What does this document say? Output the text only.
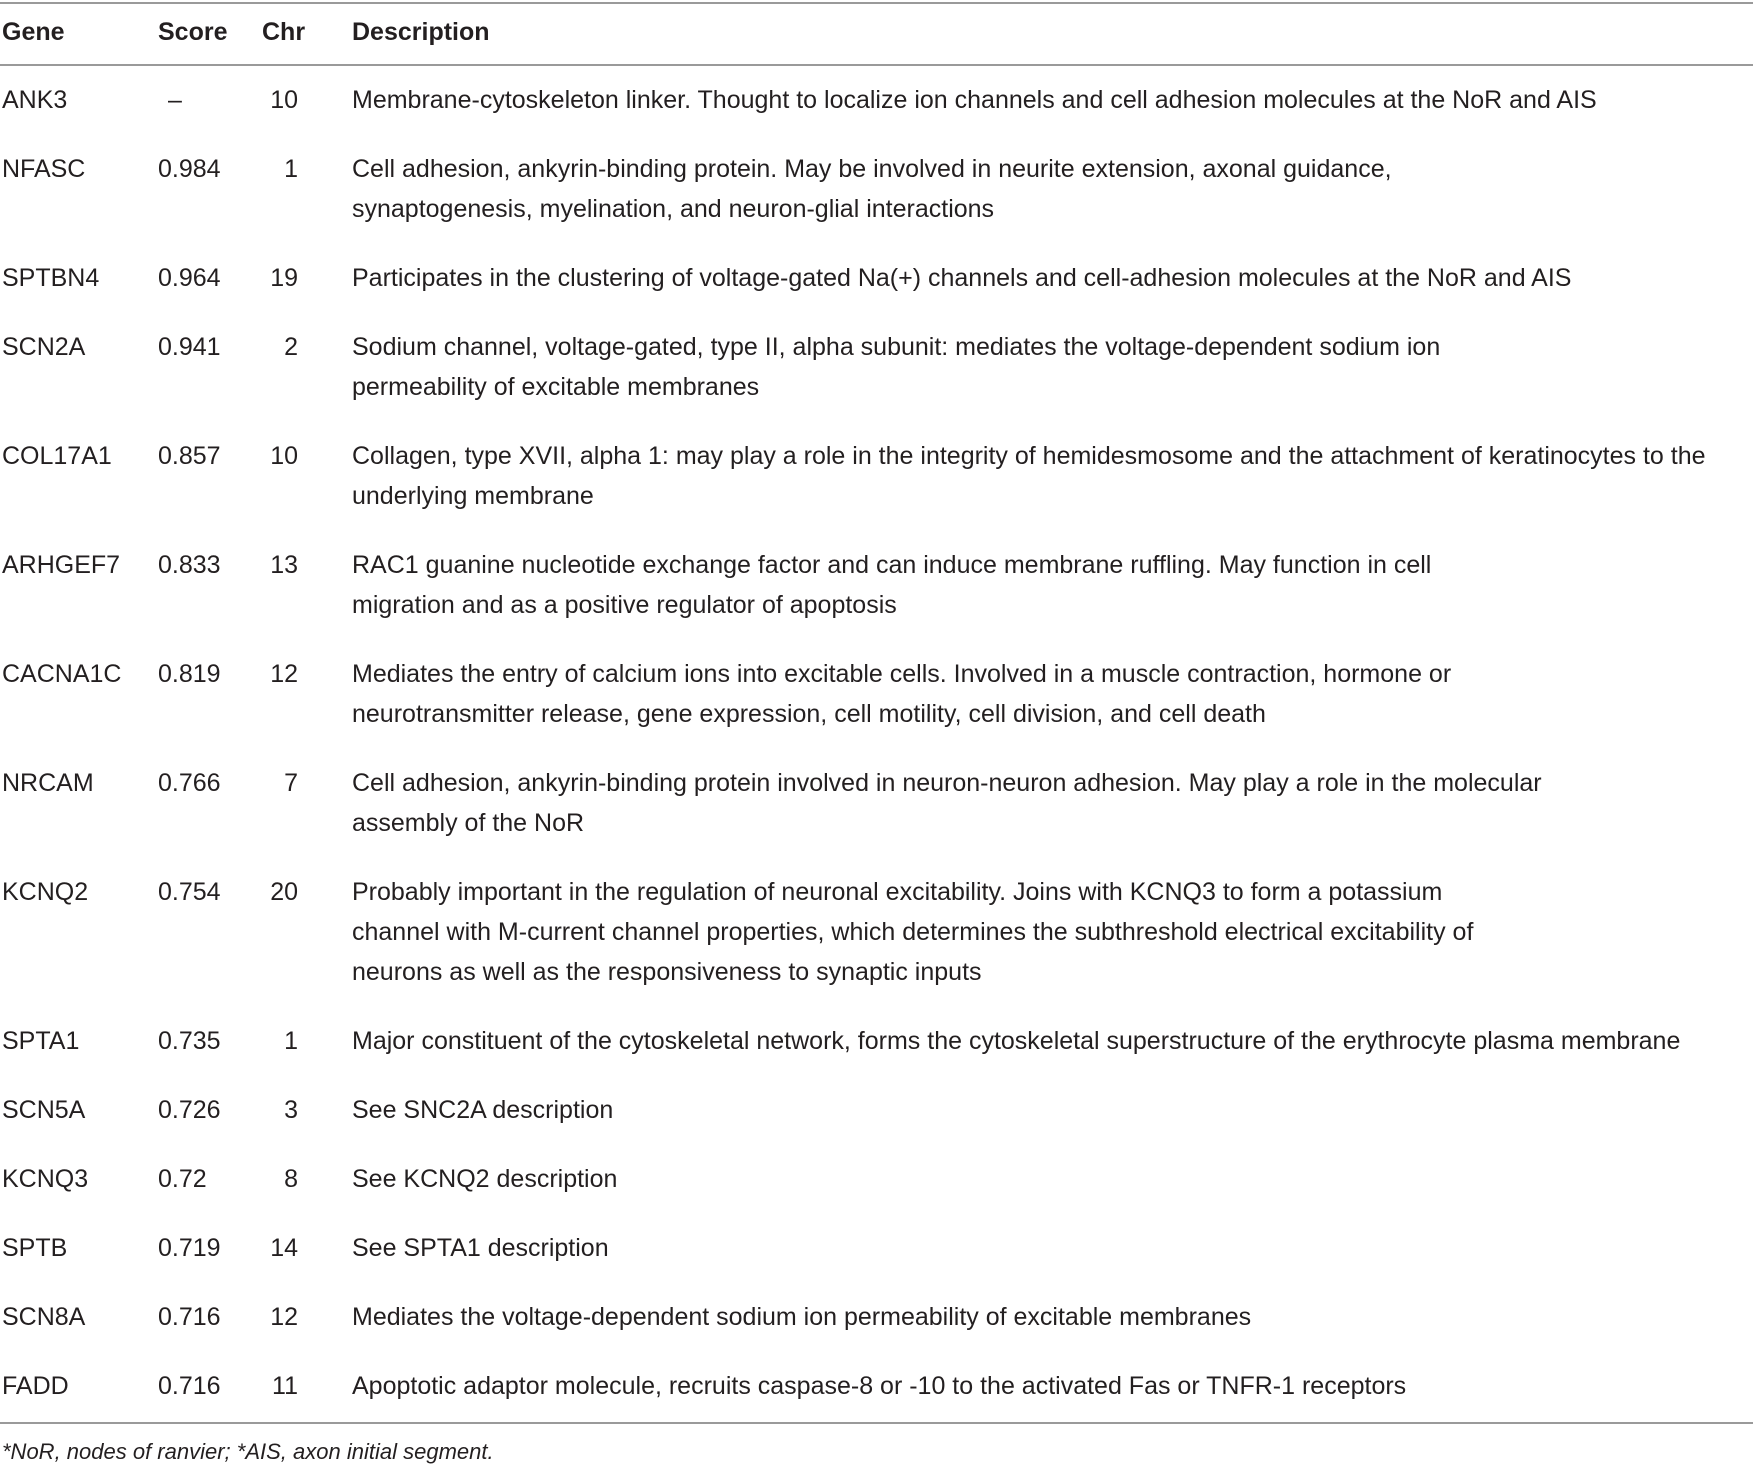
Gene	Score	Chr Description
ANK3	–	10 Membrane-cytoskeleton linker. Thought to localize ion channels and cell adhesion molecules at the NoR and AIS
NFASC	0.984	1 Cell adhesion, ankyrin-binding protein. May be involved in neurite extension, axonal guidance, synaptogenesis, myelination, and neuron-glial interactions
SPTBN4	0.964	19 Participates in the clustering of voltage-gated Na(+) channels and cell-adhesion molecules at the NoR and AIS
SCN2A	0.941	2 Sodium channel, voltage-gated, type II, alpha subunit: mediates the voltage-dependent sodium ion permeability of excitable membranes
COL17A1	0.857	10 Collagen, type XVII, alpha 1: may play a role in the integrity of hemidesmosome and the attachment of keratinocytes to the underlying membrane
ARHGEF7	0.833	13 RAC1 guanine nucleotide exchange factor and can induce membrane ruffling. May function in cell migration and as a positive regulator of apoptosis
CACNA1C	0.819	12 Mediates the entry of calcium ions into excitable cells. Involved in a muscle contraction, hormone or neurotransmitter release, gene expression, cell motility, cell division, and cell death
NRCAM	0.766	7 Cell adhesion, ankyrin-binding protein involved in neuron-neuron adhesion. May play a role in the molecular assembly of the NoR
KCNQ2	0.754	20 Probably important in the regulation of neuronal excitability. Joins with KCNQ3 to form a potassium channel with M-current channel properties, which determines the subthreshold electrical excitability of neurons as well as the responsiveness to synaptic inputs
SPTA1	0.735	1 Major constituent of the cytoskeletal network, forms the cytoskeletal superstructure of the erythrocyte plasma membrane
SCN5A	0.726	3 See SNC2A description
KCNQ3	0.72	8 See KCNQ2 description
SPTB	0.719	14 See SPTA1 description
SCN8A	0.716	12 Mediates the voltage-dependent sodium ion permeability of excitable membranes
FADD	0.716	11 Apoptotic adaptor molecule, recruits caspase-8 or -10 to the activated Fas or TNFR-1 receptors
*NoR, nodes of ranvier; *AIS, axon initial segment.
